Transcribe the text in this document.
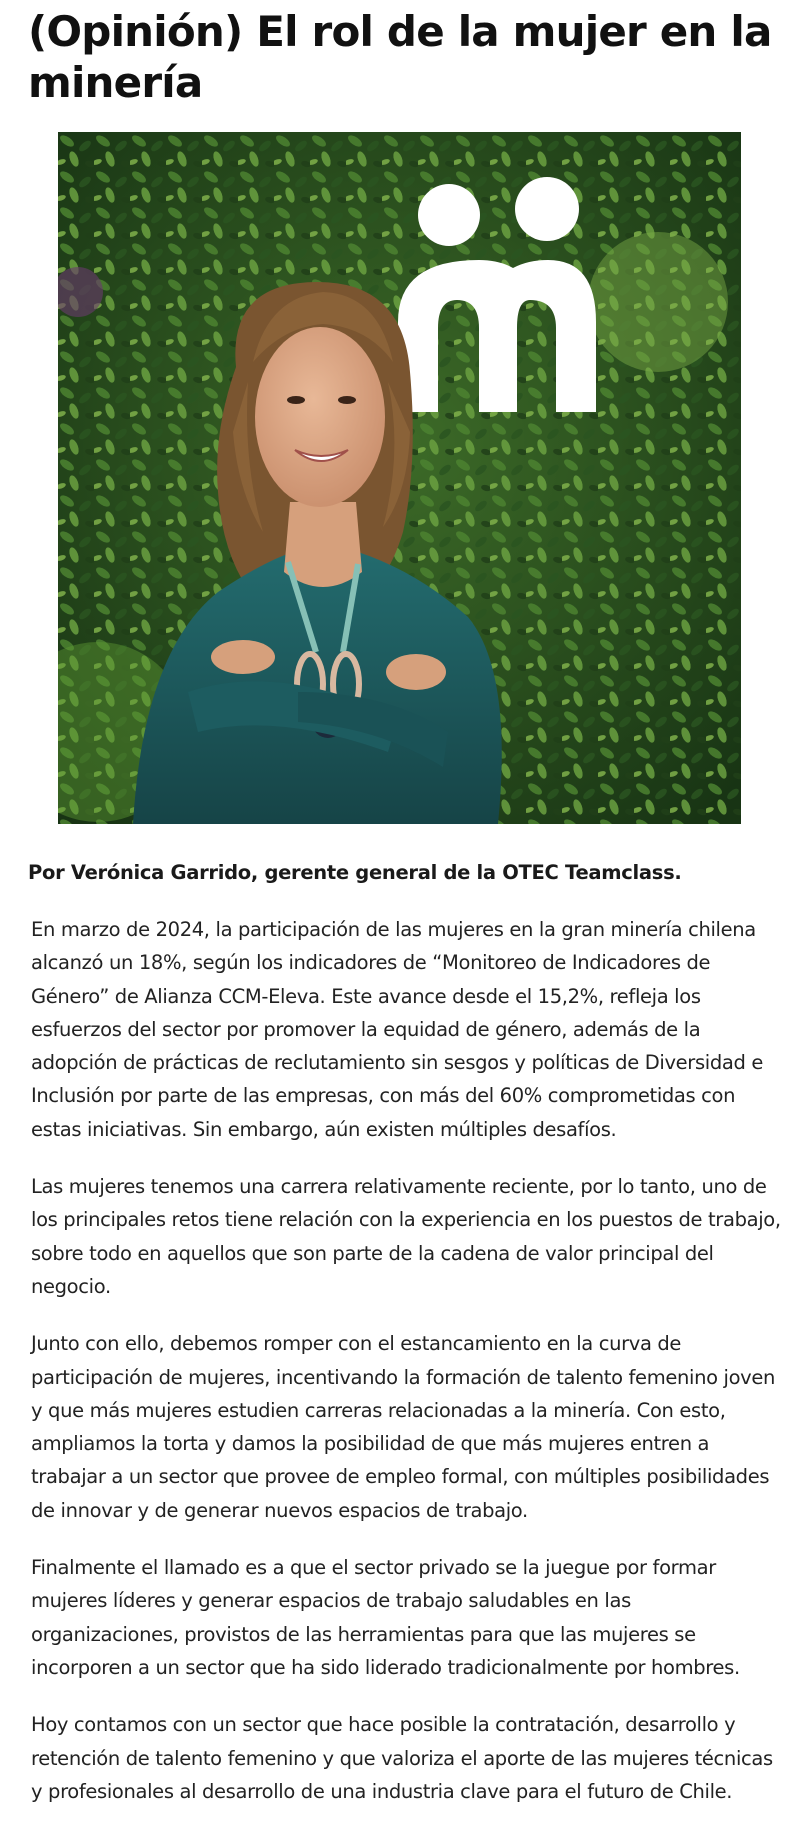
(Opinión) El rol de la mujer en la minería

Por Verónica Garrido, gerente general de la OTEC Teamclass.

En marzo de 2024, la participación de las mujeres en la gran minería chilena alcanzó un 18%, según los indicadores de “Monitoreo de Indicadores de Género” de Alianza CCM-Eleva. Este avance desde el 15,2%, refleja los esfuerzos del sector por promover la equidad de género, además de la adopción de prácticas de reclutamiento sin sesgos y políticas de Diversidad e Inclusión por parte de las empresas, con más del 60% comprometidas con estas iniciativas. Sin embargo, aún existen múltiples desafíos.

Las mujeres tenemos una carrera relativamente reciente, por lo tanto, uno de los principales retos tiene relación con la experiencia en los puestos de trabajo, sobre todo en aquellos que son parte de la cadena de valor principal del negocio.

Junto con ello, debemos romper con el estancamiento en la curva de participación de mujeres, incentivando la formación de talento femenino joven y que más mujeres estudien carreras relacionadas a la minería. Con esto, ampliamos la torta y damos la posibilidad de que más mujeres entren a trabajar a un sector que provee de empleo formal, con múltiples posibilidades de innovar y de generar nuevos espacios de trabajo.

Finalmente el llamado es a que el sector privado se la juegue por formar mujeres líderes y generar espacios de trabajo saludables en las organizaciones, provistos de las herramientas para que las mujeres se incorporen a un sector que ha sido liderado tradicionalmente por hombres.

Hoy contamos con un sector que hace posible la contratación, desarrollo y retención de talento femenino y que valoriza el aporte de las mujeres técnicas y profesionales al desarrollo de una industria clave para el futuro de Chile.
